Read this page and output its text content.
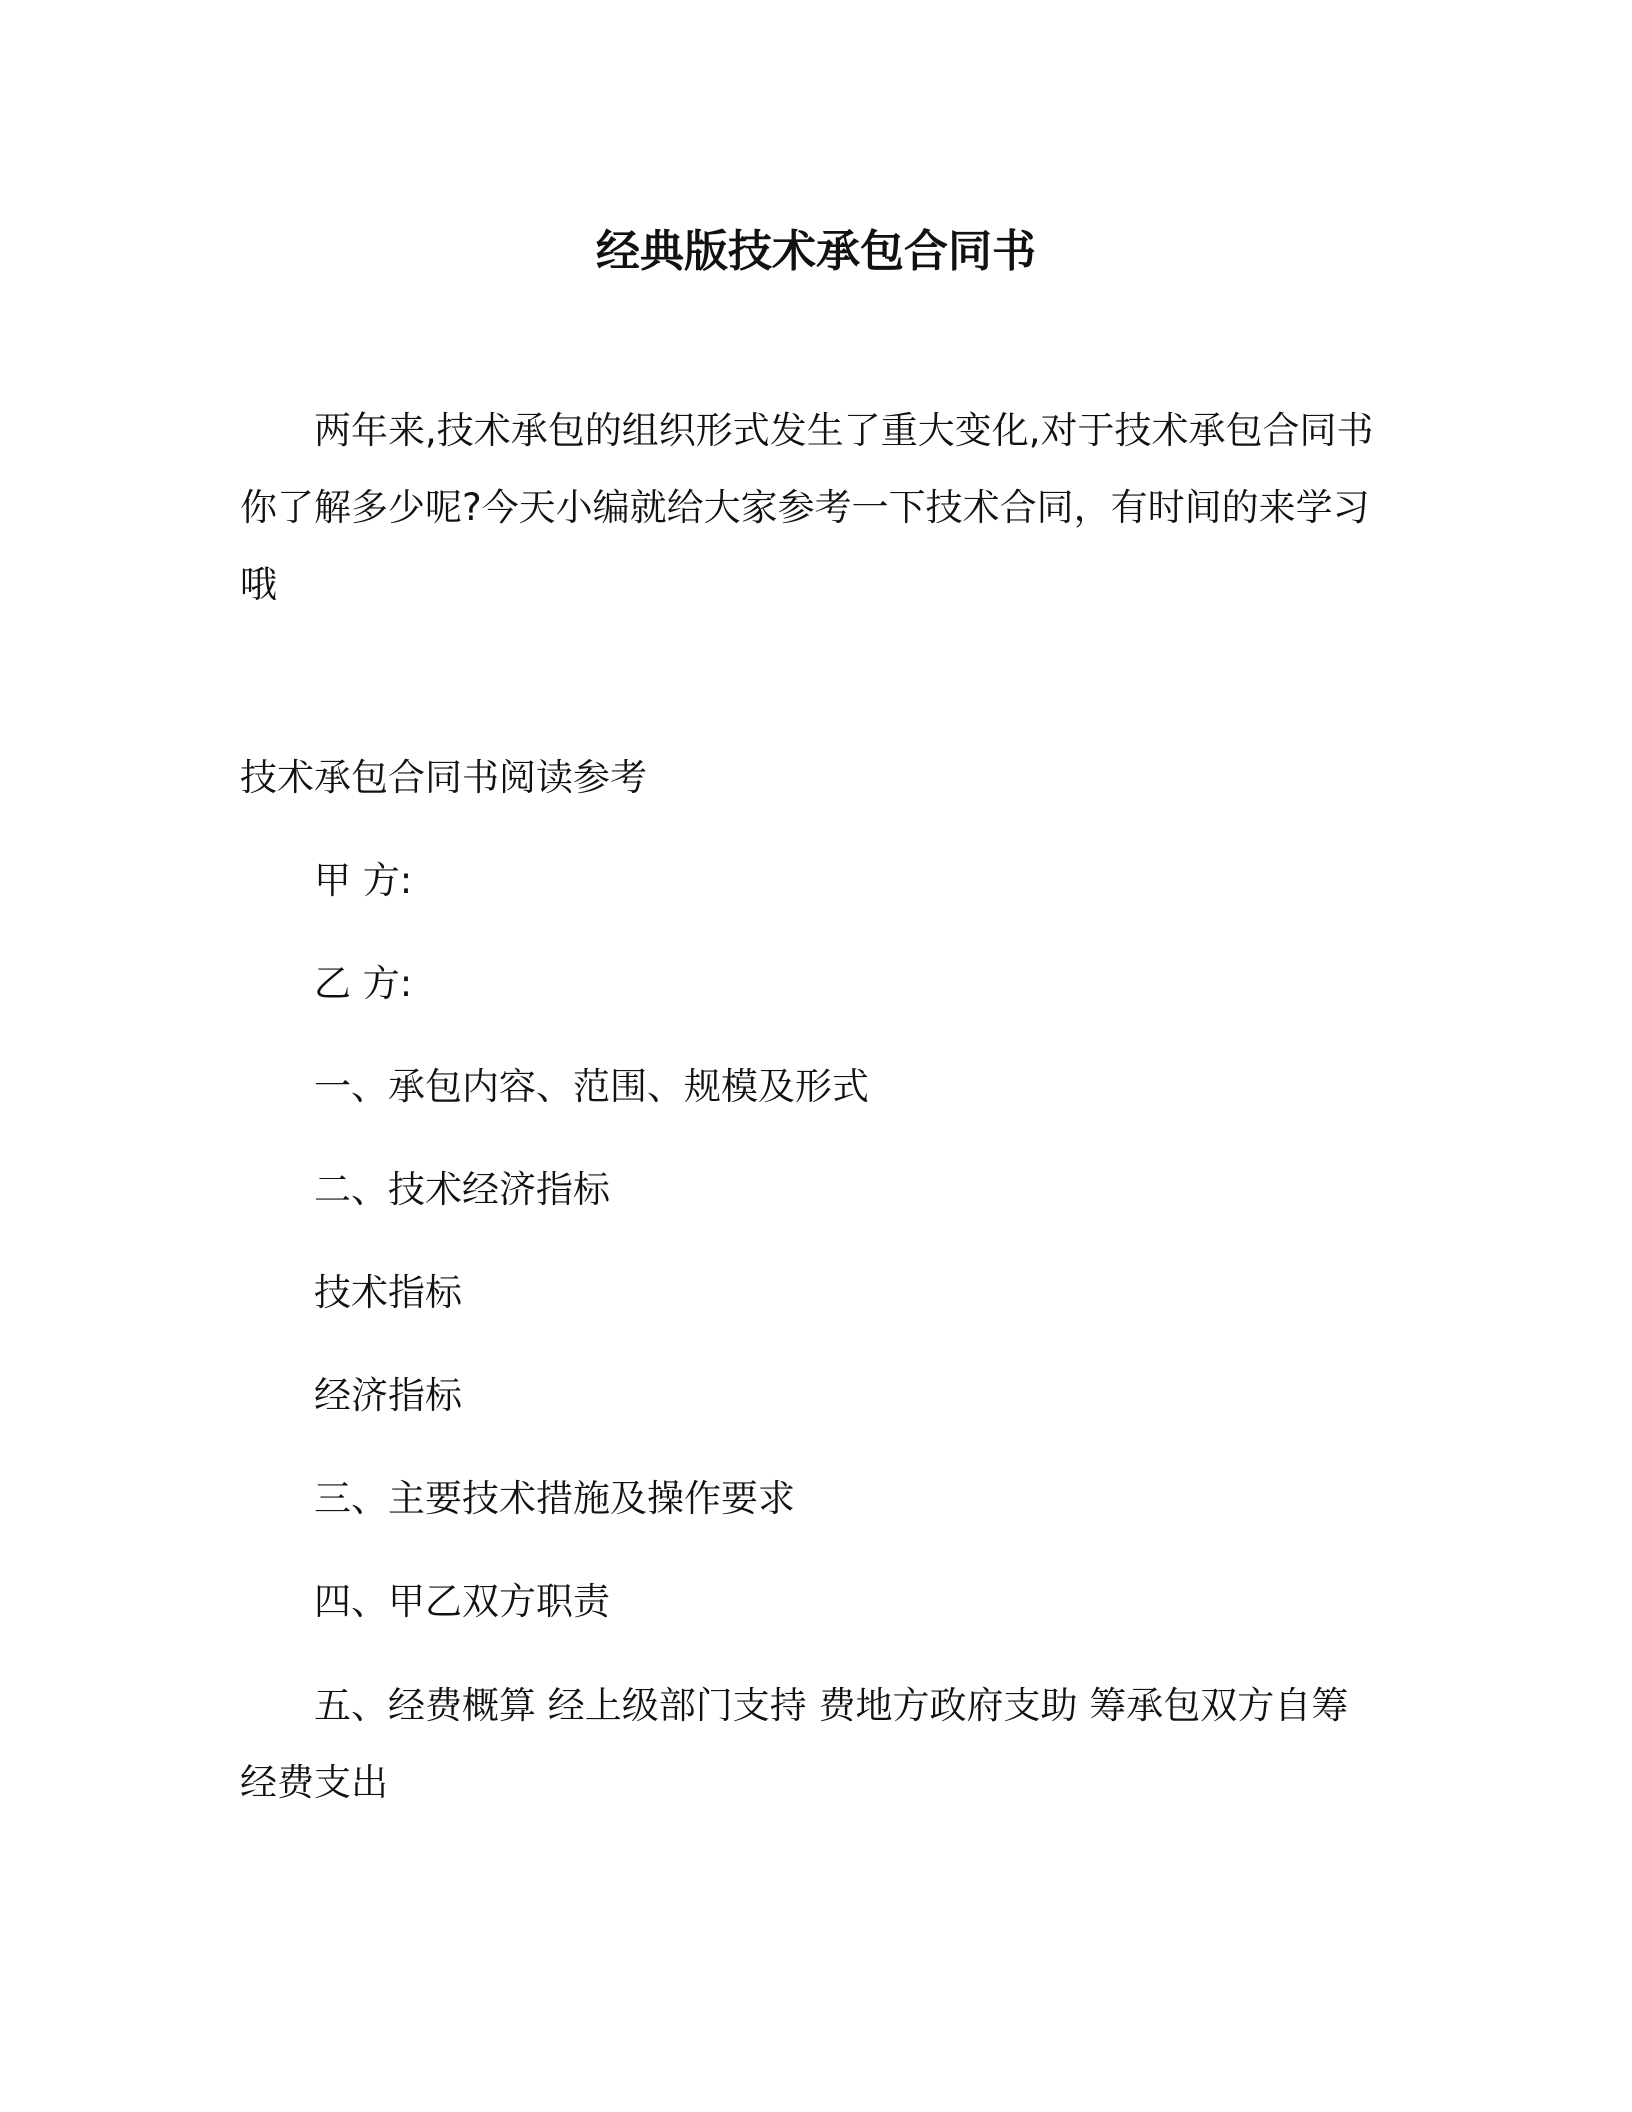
经典版技术承包合同书

两年来,技术承包的组织形式发生了重大变化,对于技术承包合同书你了解多少呢?今天小编就给大家参考一下技术合同，有时间的来学习哦

技术承包合同书阅读参考
甲 方:
乙 方:
一、承包内容、范围、规模及形式
二、技术经济指标
技术指标
经济指标
三、主要技术措施及操作要求
四、甲乙双方职责

五、经费概算 经上级部门支持 费地方政府支助 筹承包双方自筹经费支出
